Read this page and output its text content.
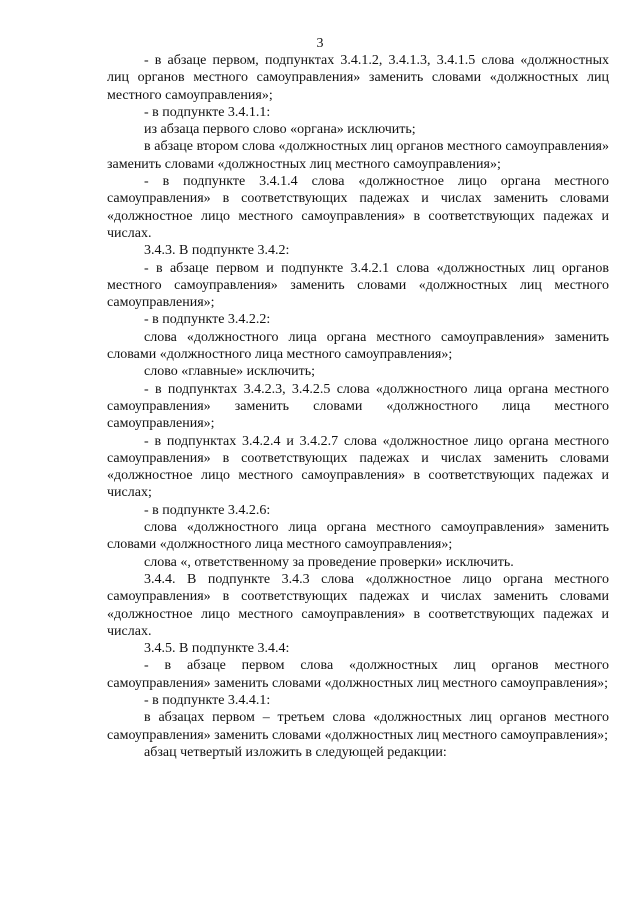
3

- в абзаце первом, подпунктах 3.4.1.2, 3.4.1.3, 3.4.1.5 слова «должностных лиц органов местного самоуправления» заменить словами «должностных лиц местного самоуправления»;

- в подпункте 3.4.1.1:

из абзаца первого слово «органа» исключить;

в абзаце втором слова «должностных лиц органов местного самоуправления» заменить словами «должностных лиц местного самоуправления»;

- в подпункте 3.4.1.4 слова «должностное лицо органа местного самоуправления» в соответствующих падежах и числах заменить словами «должностное лицо местного самоуправления» в соответствующих падежах и числах.

3.4.3. В подпункте 3.4.2:

- в абзаце первом и подпункте 3.4.2.1 слова «должностных лиц органов местного самоуправления» заменить словами «должностных лиц местного самоуправления»;

- в подпункте 3.4.2.2:

слова «должностного лица органа местного самоуправления» заменить словами «должностного лица местного самоуправления»;

слово «главные» исключить;

- в подпунктах 3.4.2.3, 3.4.2.5 слова «должностного лица органа местного самоуправления» заменить словами «должностного лица местного самоуправления»;

- в подпунктах 3.4.2.4 и 3.4.2.7 слова «должностное лицо органа местного самоуправления» в соответствующих падежах и числах заменить словами «должностное лицо местного самоуправления» в соответствующих падежах и числах;

- в подпункте 3.4.2.6:

слова «должностного лица органа местного самоуправления» заменить словами «должностного лица местного самоуправления»;

слова «, ответственному за проведение проверки» исключить.

3.4.4. В подпункте 3.4.3 слова «должностное лицо органа местного самоуправления» в соответствующих падежах и числах заменить словами «должностное лицо местного самоуправления» в соответствующих падежах и числах.

3.4.5. В подпункте 3.4.4:

- в абзаце первом слова «должностных лиц органов местного самоуправления» заменить словами «должностных лиц местного самоуправления»;

- в подпункте 3.4.4.1:

в абзацах первом – третьем слова «должностных лиц органов местного самоуправления» заменить словами «должностных лиц местного самоуправления»;

абзац четвертый изложить в следующей редакции:
